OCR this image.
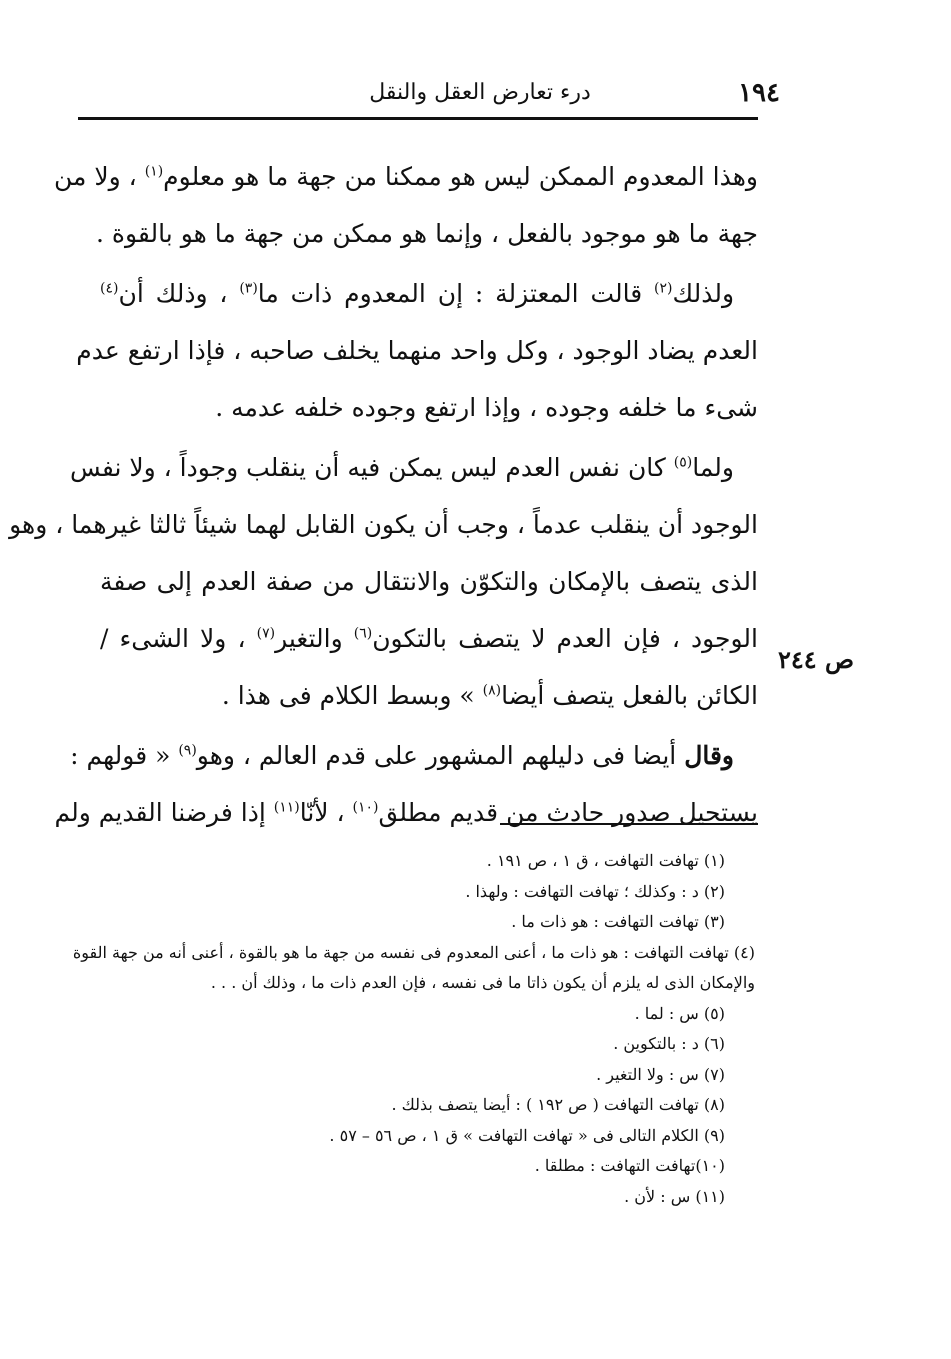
١٩٤
درء تعارض العقل والنقل
وهذا المعدوم الممكن ليس هو ممكنا من جهة ما هو معلوم$^{(١)}$ ، ولا من
جهة ما هو موجود بالفعل ، وإنما هو ممكن من جهة ما هو بالقوة .
ولذلك$^{(٢)}$ قالت المعتزلة : إن المعدوم ذات ما$^{(٣)}$ ، وذلك أن$^{(٤)}$
العدم يضاد الوجود ، وكل واحد منهما يخلف صاحبه ، فإذا ارتفع عدم
شىء ما خلفه وجوده ، وإذا ارتفع وجوده خلفه عدمه .
ولما$^{(٥)}$ كان نفس العدم ليس يمكن فيه أن ينقلب وجوداً ، ولا نفس
الوجود أن ينقلب عدماً ، وجب أن يكون القابل لهما شيئاً ثالثا غيرهما ، وهو
الذى يتصف بالإمكان والتكوّن والانتقال من صفة العدم إلى صفة
الوجود ، فإن العدم لا يتصف بالتكون$^{(٦)}$ والتغير$^{(٧)}$ ، ولا الشىء /
الكائن بالفعل يتصف أيضا$^{(٨)}$ » وبسط الكلام فى هذا .
وقال أيضا فى دليلهم المشهور على قدم العالم ، وهو$^{(٩)}$ « قولهم :
يستحيل صدور حادث من قديم مطلق$^{(١٠)}$ ، لأنّا$^{(١١)}$ إذا فرضنا القديم ولم
ص ٢٤٤
(١) تهافت التهافت ، ق ١ ، ص ١٩١ .
(٢) د : وكذلك ؛ تهافت التهافت : ولهذا .
(٣) تهافت التهافت : هو ذات ما .
(٤) تهافت التهافت : هو ذات ما ، أعنى المعدوم فى نفسه من جهة ما هو بالقوة ، أعنى أنه من جهة القوة
والإمكان الذى له يلزم أن يكون ذاتا ما فى نفسه ، فإن العدم ذات ما ، وذلك أن . . .
(٥) س : لما .
(٦) د : بالتكوين .
(٧) س : ولا التغير .
(٨) تهافت التهافت ( ص ١٩٢ ) : أيضا يتصف بذلك .
(٩) الكلام التالى فى « تهافت التهافت » ق ١ ، ص ٥٦ – ٥٧ .
(١٠)تهافت التهافت : مطلقا .
(١١) س : لأن .
